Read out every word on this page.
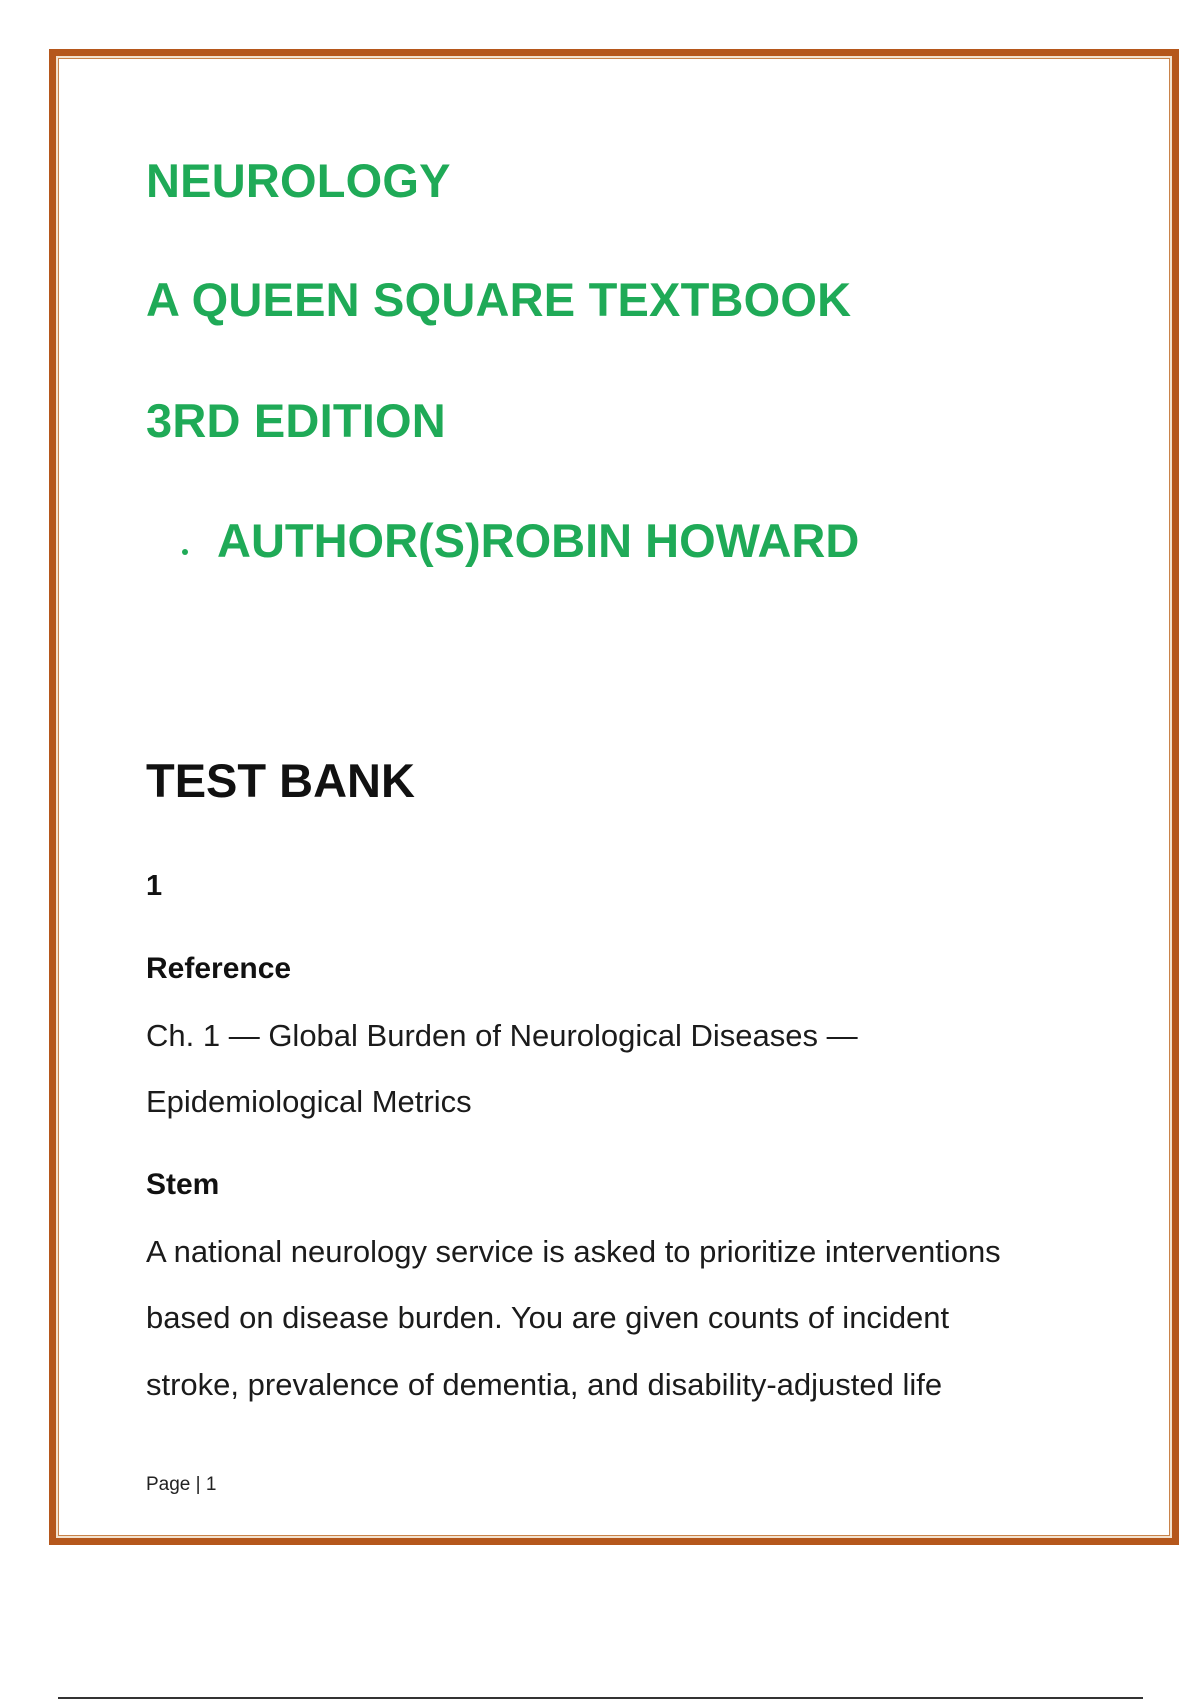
NEUROLOGY
A QUEEN SQUARE TEXTBOOK
3RD EDITION
AUTHOR(S)ROBIN HOWARD
TEST BANK

1

Reference

Ch. 1 — Global Burden of Neurological Diseases —

Epidemiological Metrics

Stem

A national neurology service is asked to prioritize interventions

based on disease burden. You are given counts of incident

stroke, prevalence of dementia, and disability-adjusted life

Page | 1
